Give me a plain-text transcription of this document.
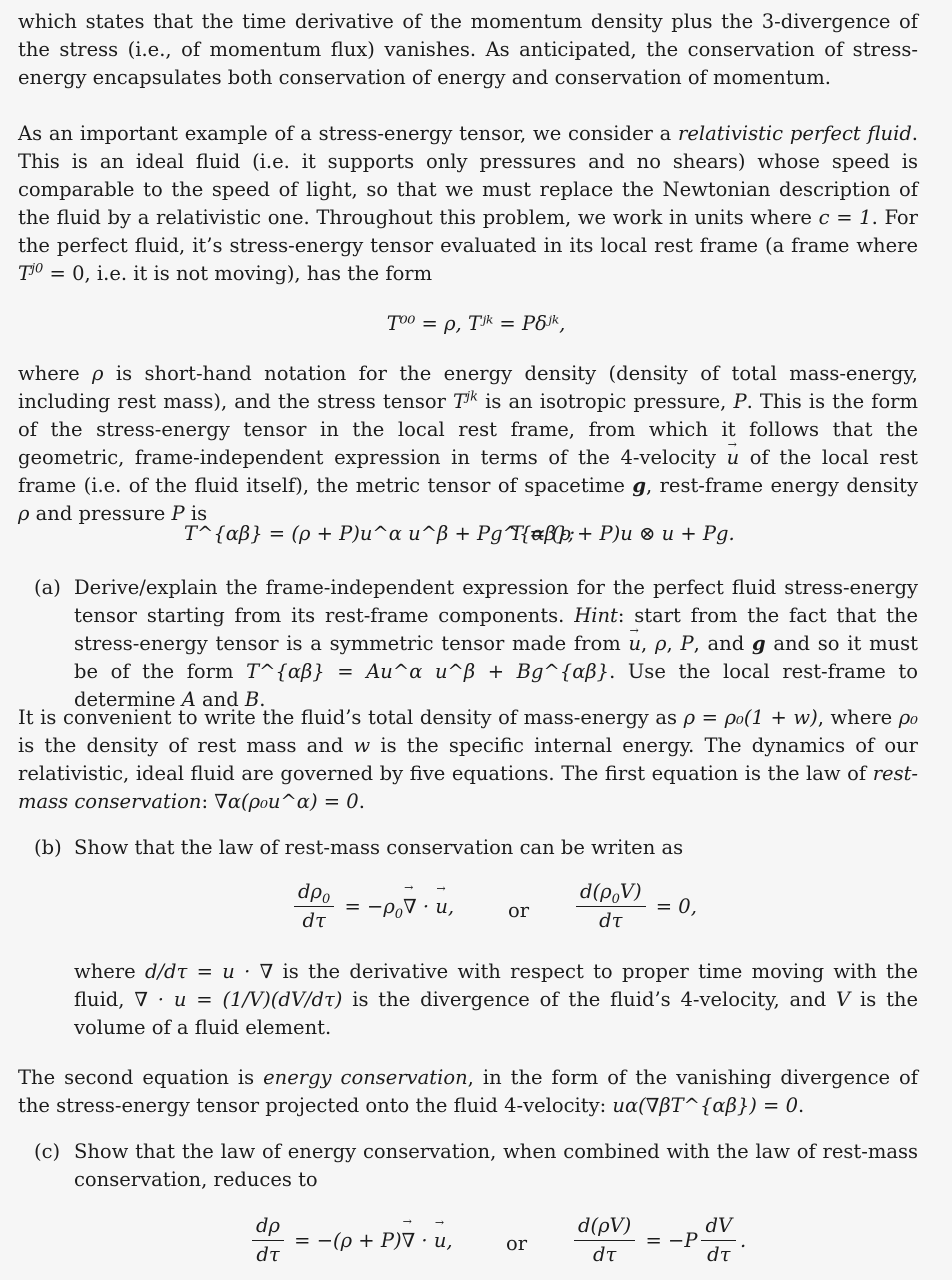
which states that the time derivative of the momentum density plus the 3-divergence of the stress (i.e., of momentum flux) vanishes. As anticipated, the conservation of stress-energy encapsulates both conservation of energy and conservation of momentum.
As an important example of a stress-energy tensor, we consider a relativistic perfect fluid. This is an ideal fluid (i.e. it supports only pressures and no shears) whose speed is comparable to the speed of light, so that we must replace the Newtonian description of the fluid by a relativistic one. Throughout this problem, we work in units where c = 1. For the perfect fluid, it’s stress-energy tensor evaluated in its local rest frame (a frame where $T^{j0} = 0$, i.e. it is not moving), has the form
T⁰⁰ = ρ, Tʲᵏ = Pδʲᵏ,
where ρ is short-hand notation for the energy density (density of total mass-energy, including rest mass), and the stress tensor $T^{jk}$ is an isotropic pressure, P. This is the form of the stress-energy tensor in the local rest frame, from which it follows that the geometric, frame-independent expression in terms of the 4-velocity → u of the local rest frame (i.e. of the fluid itself), the metric tensor of spacetime g, rest-frame energy density ρ and pressure P is
T^{αβ} = (ρ + P)u^α u^β + Pg^{αβ};
T = (ρ + P)u ⊗ u + Pg.
(a) Derive/explain the frame-independent expression for the perfect fluid stress-energy tensor starting from its rest-frame components. Hint: start from the fact that the stress-energy tensor is a symmetric tensor made from → u, ρ, P, and g and so it must be of the form T^{αβ} = Au^α u^β + Bg^{αβ}. Use the local rest-frame to determine A and B.
It is convenient to write the fluid’s total density of mass-energy as ρ = ρ₀(1 + w), where ρ₀ is the density of rest mass and w is the specific internal energy. The dynamics of our relativistic, ideal fluid are governed by five equations. The first equation is the law of rest-mass conservation: ∇α(ρ₀u^α) = 0.
(b) Show that the law of rest-mass conservation can be writen as
$\frac{d\rho_0}{d\tau} = -\rho_0\to$ ∇ · → u,	or $\frac{d(\rho_0V)}{d\tau} = 0$,
where d/dτ = u · ∇ is the derivative with respect to proper time moving with the fluid, ∇ · u = (1/V)(dV/dτ) is the divergence of the fluid’s 4-velocity, and V is the volume of a fluid element.
The second equation is energy conservation, in the form of the vanishing divergence of the stress-energy tensor projected onto the fluid 4-velocity: uα(∇βT^{αβ}) = 0.
(c) Show that the law of energy conservation, when combined with the law of rest-mass conservation, reduces to
$\frac{d\rho}{d\tau} = -(\rho + P)\to$ ∇ · → u,	or $\frac{d(\rho V)}{d\tau} = -P \frac{dV}{d\tau}$ .
